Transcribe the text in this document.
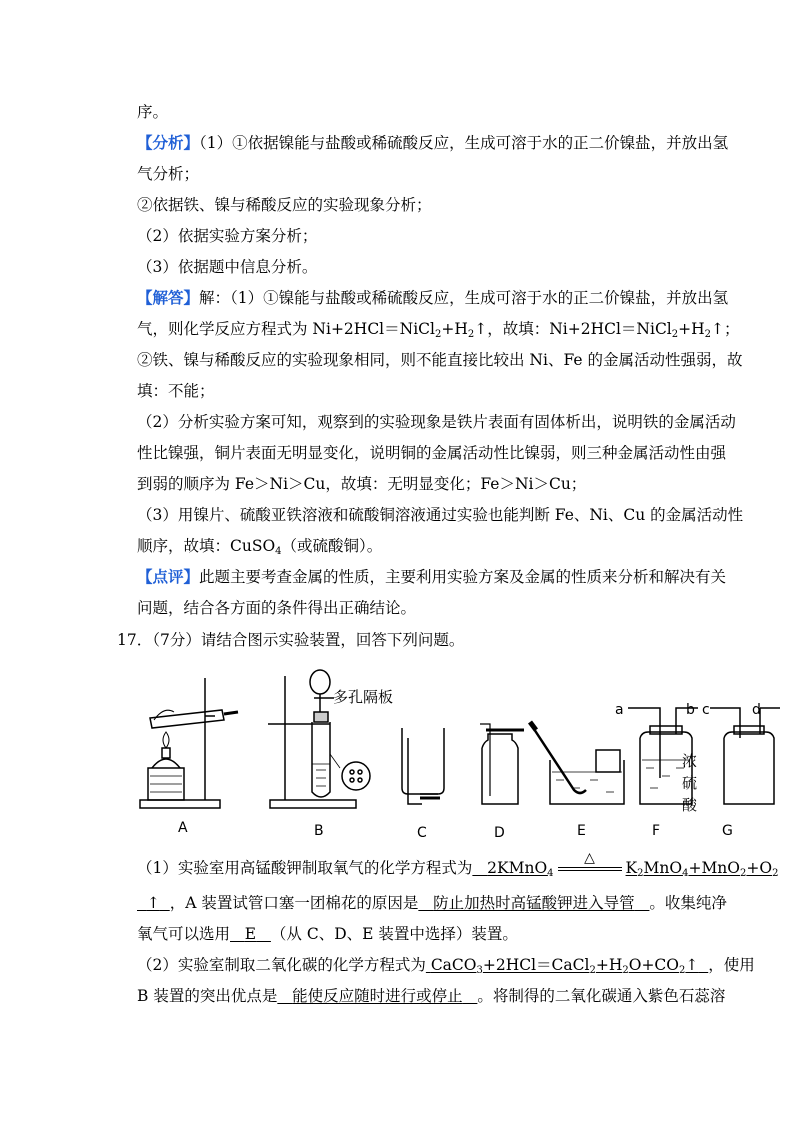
序。
【分析】（1）①依据镍能与盐酸或稀硫酸反应，生成可溶于水的正二价镍盐，并放出氢
气分析；
②依据铁、镍与稀酸反应的实验现象分析；
（2）依据实验方案分析；
（3）依据题中信息分析。
【解答】解：（1）①镍能与盐酸或稀硫酸反应，生成可溶于水的正二价镍盐，并放出氢
气，则化学反应方程式为 $Ni+2HCl=NiCl_2+H_2↑$，故填：$Ni+2HCl=NiCl_2+H_2↑$；
②铁、镍与稀酸反应的实验现象相同，则不能直接比较出 Ni、Fe 的金属活动性强弱，故
填：不能；
（2）分析实验方案可知，观察到的实验现象是铁片表面有固体析出，说明铁的金属活动
性比镍强，铜片表面无明显变化，说明铜的金属活动性比镍弱，则三种金属活动性由强
到弱的顺序为 Fe＞Ni＞Cu，故填：无明显变化；Fe＞Ni＞Cu；
（3）用镍片、硫酸亚铁溶液和硫酸铜溶液通过实验也能判断 Fe、Ni、Cu 的金属活动性
顺序，故填：CuSO$_4$（或硫酸铜）。
【点评】此题主要考查金属的性质，主要利用实验方案及金属的性质来分析和解决有关
问题，结合各方面的条件得出正确结论。
17．（7分）请结合图示实验装置，回答下列问题。
多孔隔板
a	b c	d
浓
硫
酸
A	B	C	D	E	F	G
（1）实验室用高锰酸钾制取氧气的化学方程式为 2KMnO$_4$
△
$K_2MnO_4+MnO_2+O_2$
↑ ，A 装置试管口塞一团棉花的原因是 防止加热时高锰酸钾进入导管 。收集纯净
氧气可以选用 E （从 C、D、E 装置中选择）装置。
（2）实验室制取二氧化碳的化学方程式为 $CaCO_3+2HCl=CaCl_2+H_2O+CO_2↑$ ，使用
B 装置的突出优点是 能使反应随时进行或停止 。将制得的二氧化碳通入紫色石蕊溶
